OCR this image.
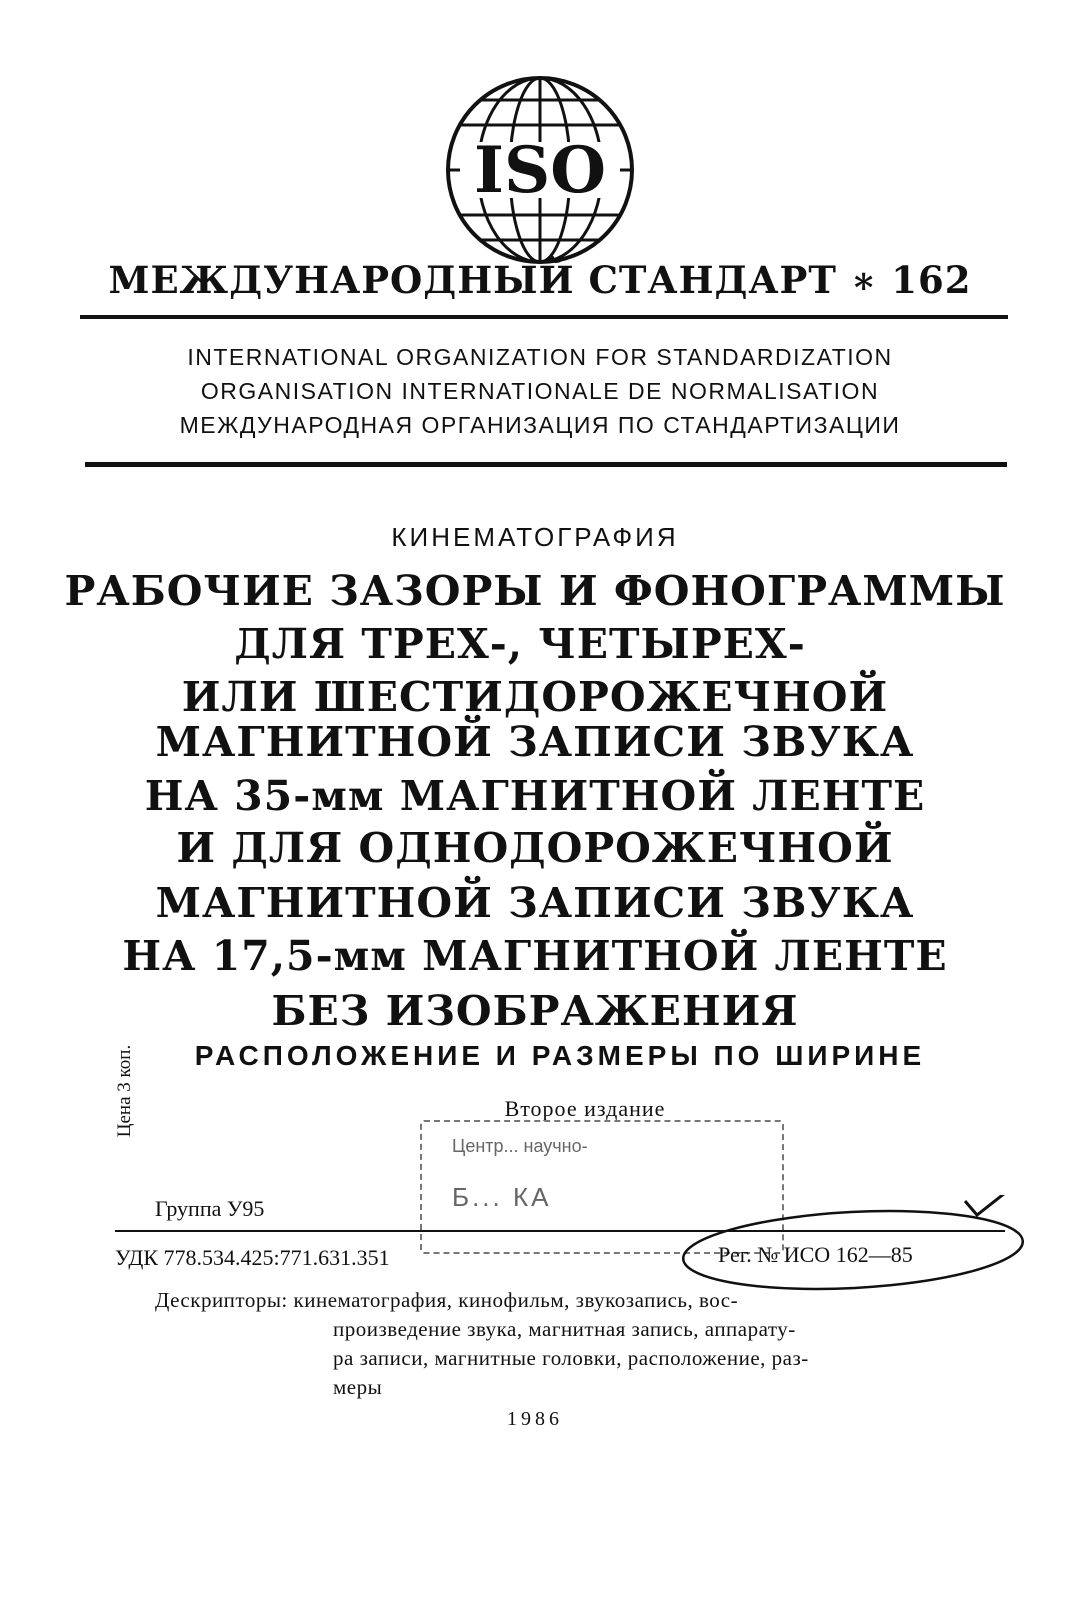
ISO
МЕЖДУНАРОДНЫЙ СТАНДАРТ ∗ 162
INTERNATIONAL ORGANIZATION FOR STANDARDIZATION
ORGANISATION INTERNATIONALE DE NORMALISATION
МЕЖДУНАРОДНАЯ ОРГАНИЗАЦИЯ ПО СТАНДАРТИЗАЦИИ
КИНЕМАТОГРАФИЯ
РАБОЧИЕ ЗАЗОРЫ И ФОНОГРАММЫ
ДЛЯ ТРЕХ-, ЧЕТЫРЕХ-
ИЛИ ШЕСТИДОРОЖЕЧНОЙ
МАГНИТНОЙ ЗАПИСИ ЗВУКА
НА 35-мм МАГНИТНОЙ ЛЕНТЕ
И ДЛЯ ОДНОДОРОЖЕЧНОЙ
МАГНИТНОЙ ЗАПИСИ ЗВУКА
НА 17,5-мм МАГНИТНОЙ ЛЕНТЕ
БЕЗ ИЗОБРАЖЕНИЯ
РАСПОЛОЖЕНИЕ И РАЗМЕРЫ ПО ШИРИНЕ
Второе издание
Цена 3 коп.
Центр... научно-
Б... КА
Группа У95
УДК 778.534.425:771.631.351	Рег. № ИСО 162—85
Дескрипторы: кинематография, кинофильм, звукозапись, вос-
произведение звука, магнитная запись, аппарату-
ра записи, магнитные головки, расположение, раз-
меры
1986
